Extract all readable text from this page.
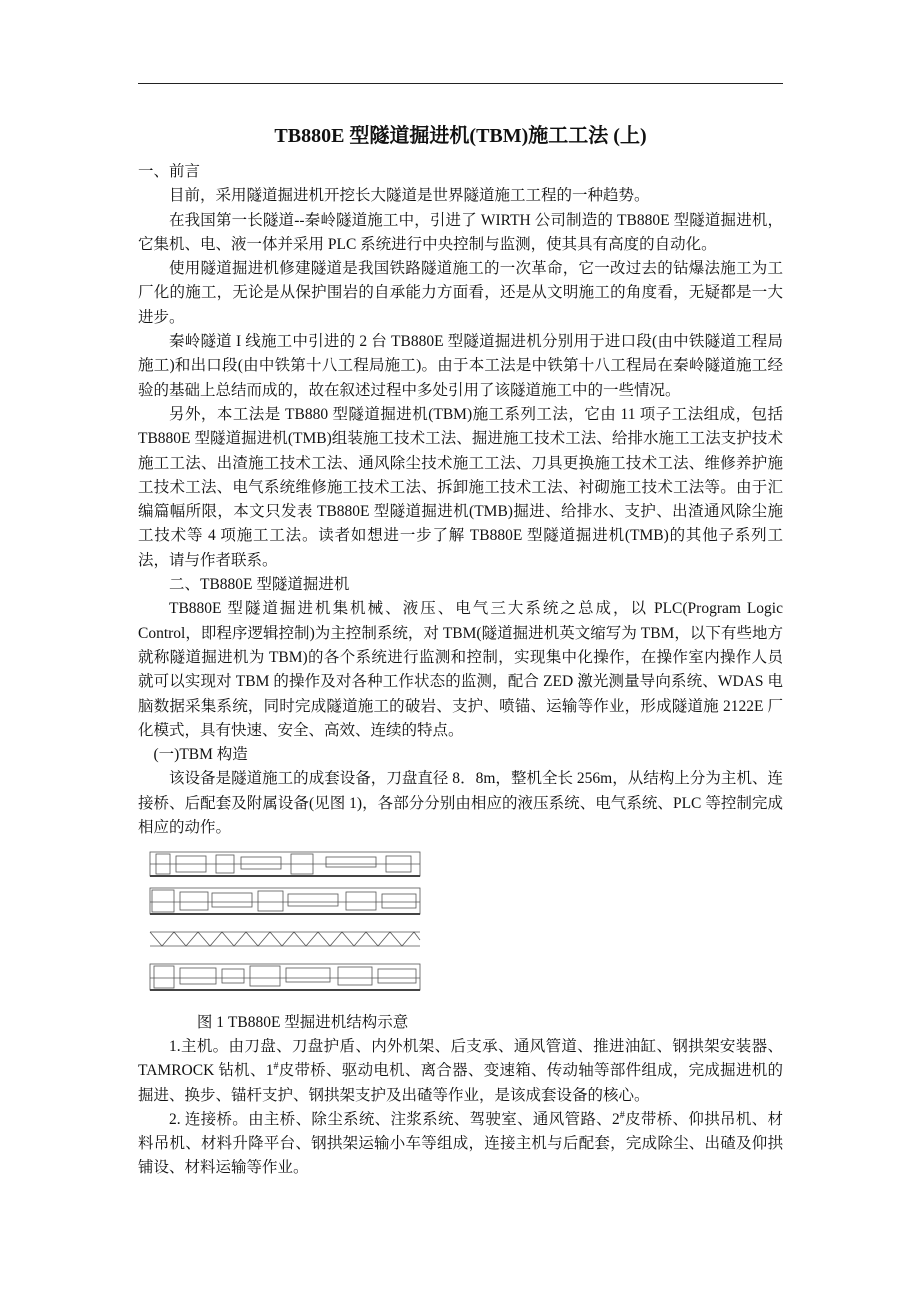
TB880E 型隧道掘进机(TBM)施工工法 (上)

一、前言

目前，采用隧道掘进机开挖长大隧道是世界隧道施工工程的一种趋势。

在我国第一长隧道--秦岭隧道施工中，引进了 WIRTH 公司制造的 TB880E 型隧道掘进机，它集机、电、液一体并采用 PLC 系统进行中央控制与监测，使其具有高度的自动化。

使用隧道掘进机修建隧道是我国铁路隧道施工的一次革命，它一改过去的钻爆法施工为工厂化的施工，无论是从保护围岩的自承能力方面看，还是从文明施工的角度看，无疑都是一大进步。

秦岭隧道 I 线施工中引进的 2 台 TB880E 型隧道掘进机分别用于进口段(由中铁隧道工程局施工)和出口段(由中铁第十八工程局施工)。由于本工法是中铁第十八工程局在秦岭隧道施工经验的基础上总结而成的，故在叙述过程中多处引用了该隧道施工中的一些情况。

另外，本工法是 TB880 型隧道掘进机(TBM)施工系列工法，它由 11 项子工法组成，包括 TB880E 型隧道掘进机(TMB)组装施工技术工法、掘进施工技术工法、给排水施工工法支护技术施工工法、出渣施工技术工法、通风除尘技术施工工法、刀具更换施工技术工法、维修养护施工技术工法、电气系统维修施工技术工法、拆卸施工技术工法、衬砌施工技术工法等。由于汇编篇幅所限，本文只发表 TB880E 型隧道掘进机(TMB)掘进、给排水、支护、出渣通风除尘施工技术等 4 项施工工法。读者如想进一步了解 TB880E 型隧道掘进机(TMB)的其他子系列工法，请与作者联系。

二、TB880E 型隧道掘进机

TB880E 型隧道掘进机集机械、液压、电气三大系统之总成，以 PLC(Program Logic Control，即程序逻辑控制)为主控制系统，对 TBM(隧道掘进机英文缩写为 TBM，以下有些地方就称隧道掘进机为 TBM)的各个系统进行监测和控制，实现集中化操作，在操作室内操作人员就可以实现对 TBM 的操作及对各种工作状态的监测，配合 ZED 激光测量导向系统、WDAS 电脑数据采集系统，同时完成隧道施工的破岩、支护、喷锚、运输等作业，形成隧道施 2122E 厂化模式，具有快速、安全、高效、连续的特点。

(一)TBM 构造

该设备是隧道施工的成套设备，刀盘直径 8．8m，整机全长 256m，从结构上分为主机、连接桥、后配套及附属设备(见图 1)，各部分分别由相应的液压系统、电气系统、PLC 等控制完成相应的动作。

图 1 TB880E 型掘进机结构示意

1.主机。由刀盘、刀盘护盾、内外机架、后支承、通风管道、推进油缸、钢拱架安装器、TAMROCK 钻机、1#皮带桥、驱动电机、离合器、变速箱、传动轴等部件组成，完成掘进机的掘进、换步、锚杆支护、钢拱架支护及出碴等作业，是该成套设备的核心。

2. 连接桥。由主桥、除尘系统、注浆系统、驾驶室、通风管路、2#皮带桥、仰拱吊机、材料吊机、材料升降平台、钢拱架运输小车等组成，连接主机与后配套，完成除尘、出碴及仰拱铺设、材料运输等作业。
